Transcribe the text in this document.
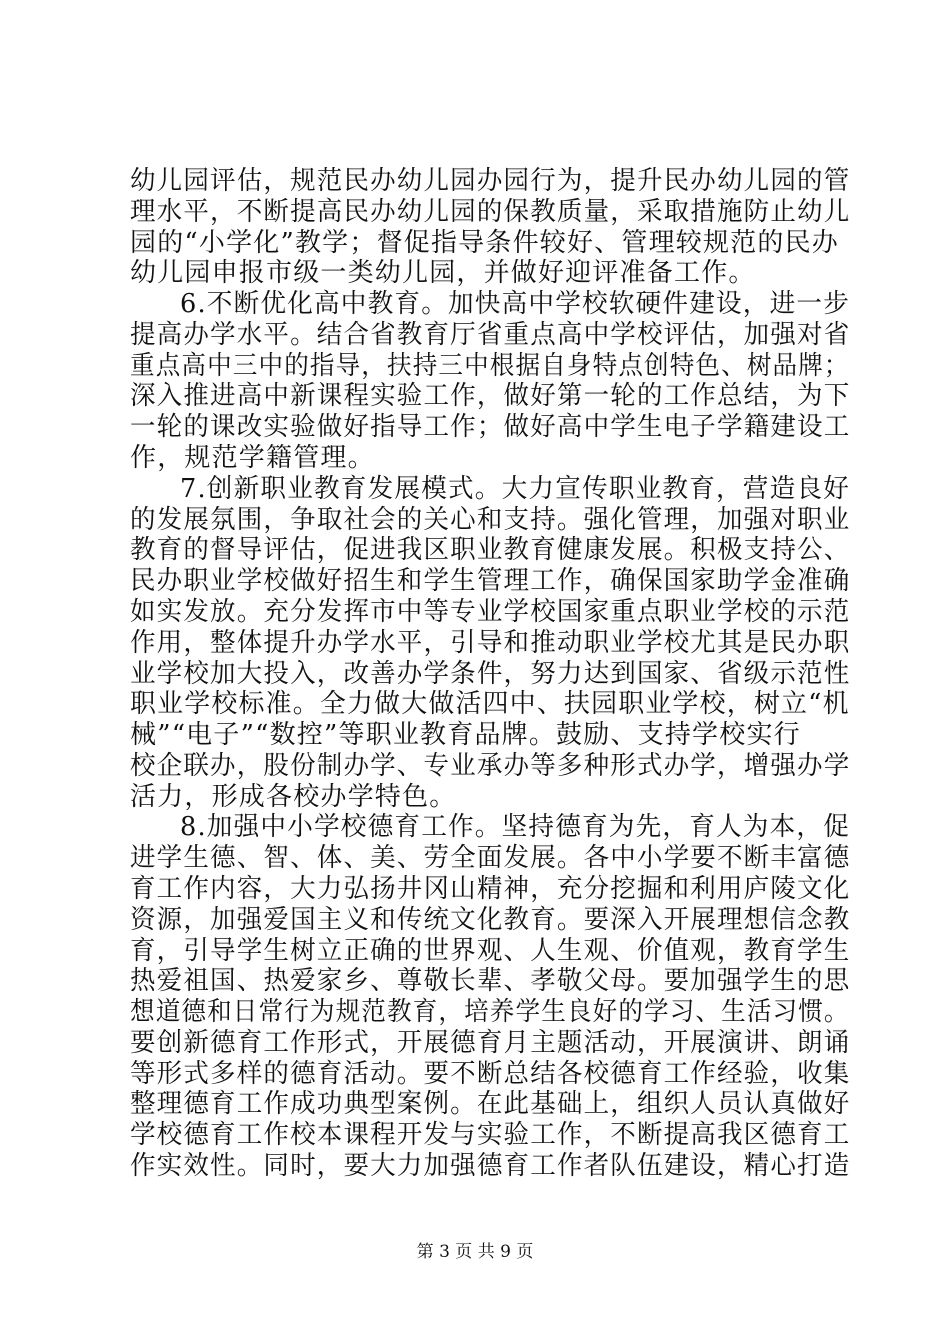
幼儿园评估，规范民办幼儿园办园行为，提升民办幼儿园的管

理水平，不断提高民办幼儿园的保教质量，采取措施防止幼儿

园的“小学化”教学；督促指导条件较好、管理较规范的民办

幼儿园申报市级一类幼儿园，并做好迎评准备工作。

6.不断优化高中教育。加快高中学校软硬件建设，进一步

提高办学水平。结合省教育厅省重点高中学校评估，加强对省

重点高中三中的指导，扶持三中根据自身特点创特色、树品牌；

深入推进高中新课程实验工作，做好第一轮的工作总结，为下

一轮的课改实验做好指导工作；做好高中学生电子学籍建设工

作，规范学籍管理。

7.创新职业教育发展模式。大力宣传职业教育，营造良好

的发展氛围，争取社会的关心和支持。强化管理，加强对职业

教育的督导评估，促进我区职业教育健康发展。积极支持公、

民办职业学校做好招生和学生管理工作，确保国家助学金准确

如实发放。充分发挥市中等专业学校国家重点职业学校的示范

作用，整体提升办学水平，引导和推动职业学校尤其是民办职

业学校加大投入，改善办学条件，努力达到国家、省级示范性

职业学校标准。全力做大做活四中、扶园职业学校，树立“机

械”“电子”“数控”等职业教育品牌。鼓励、支持学校实行

校企联办，股份制办学、专业承办等多种形式办学，增强办学

活力，形成各校办学特色。

8.加强中小学校德育工作。坚持德育为先，育人为本，促

进学生德、智、体、美、劳全面发展。各中小学要不断丰富德

育工作内容，大力弘扬井冈山精神，充分挖掘和利用庐陵文化

资源，加强爱国主义和传统文化教育。要深入开展理想信念教

育，引导学生树立正确的世界观、人生观、价值观，教育学生

热爱祖国、热爱家乡、尊敬长辈、孝敬父母。要加强学生的思

想道德和日常行为规范教育，培养学生良好的学习、生活习惯。

要创新德育工作形式，开展德育月主题活动，开展演讲、朗诵

等形式多样的德育活动。要不断总结各校德育工作经验，收集

整理德育工作成功典型案例。在此基础上，组织人员认真做好

学校德育工作校本课程开发与实验工作，不断提高我区德育工

作实效性。同时，要大力加强德育工作者队伍建设，精心打造

第 3 页 共 9 页
